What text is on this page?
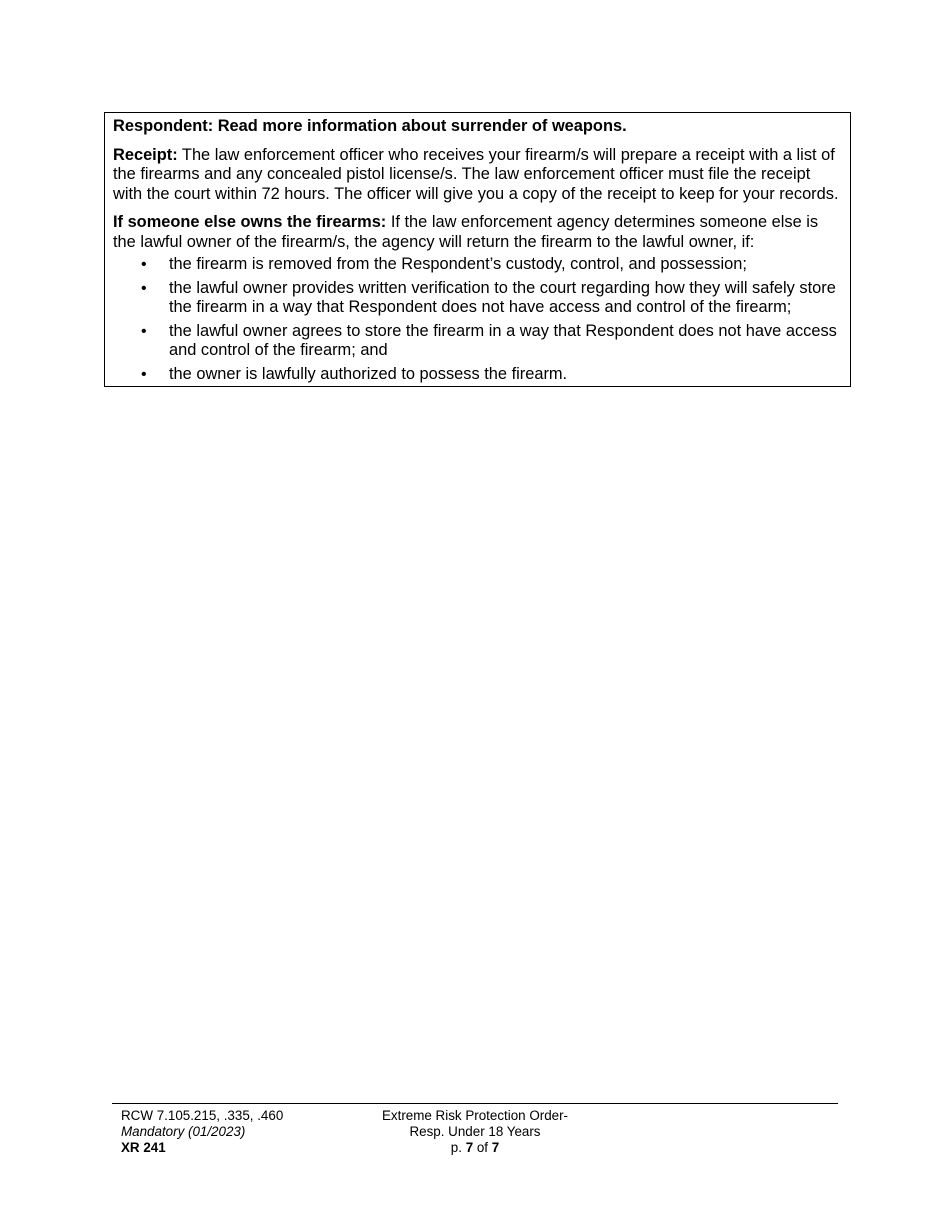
Respondent: Read more information about surrender of weapons.

Receipt: The law enforcement officer who receives your firearm/s will prepare a receipt with a list of the firearms and any concealed pistol license/s. The law enforcement officer must file the receipt with the court within 72 hours. The officer will give you a copy of the receipt to keep for your records.

If someone else owns the firearms: If the law enforcement agency determines someone else is the lawful owner of the firearm/s, the agency will return the firearm to the lawful owner, if:

• the firearm is removed from the Respondent’s custody, control, and possession;
• the lawful owner provides written verification to the court regarding how they will safely store the firearm in a way that Respondent does not have access and control of the firearm;
• the lawful owner agrees to store the firearm in a way that Respondent does not have access and control of the firearm; and
• the owner is lawfully authorized to possess the firearm.
RCW 7.105.215, .335, .460
Mandatory (01/2023)
XR 241
Extreme Risk Protection Order-
Resp. Under 18 Years
p. 7 of 7
